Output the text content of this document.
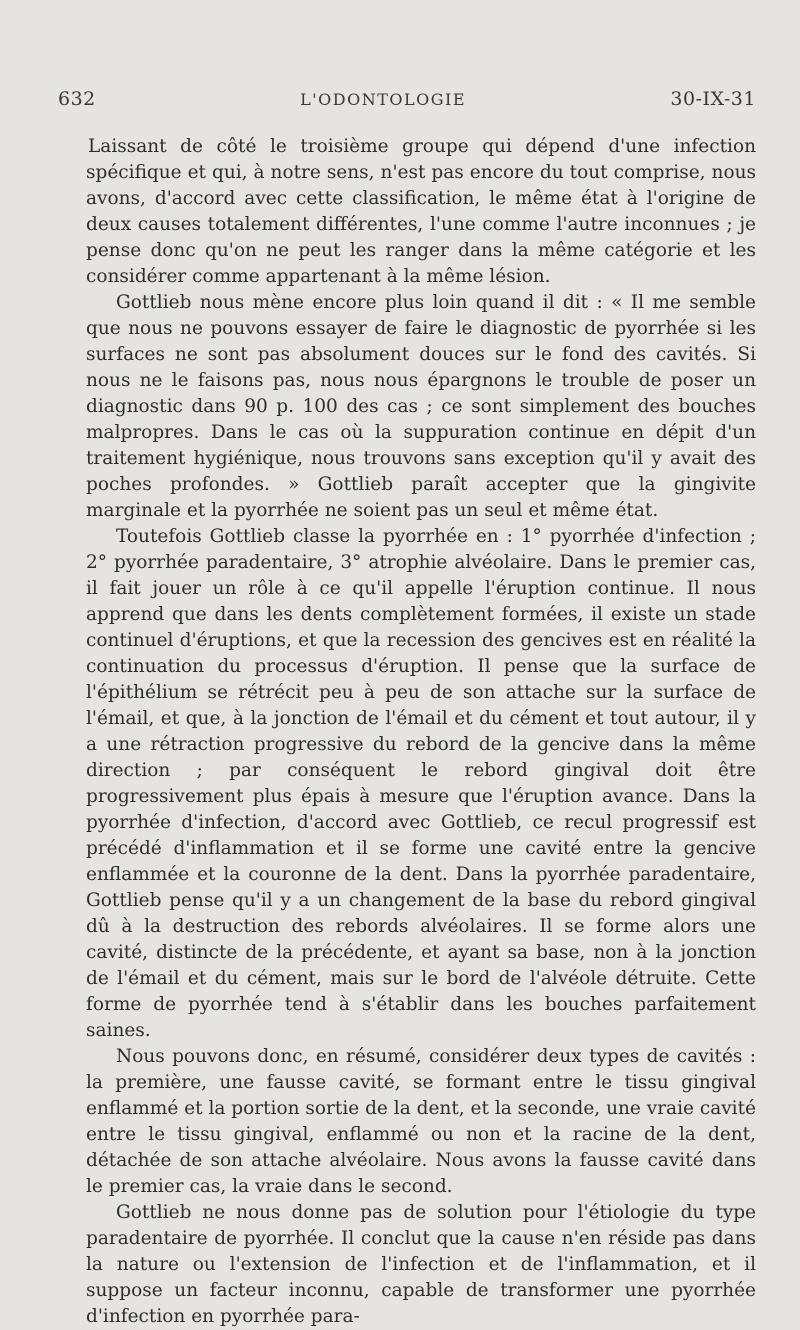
632	L'ODONTOLOGIE	30-IX-31

Laissant de côté le troisième groupe qui dépend d'une infection spécifique et qui, à notre sens, n'est pas encore du tout comprise, nous avons, d'accord avec cette classification, le même état à l'origine de deux causes totalement différentes, l'une comme l'autre inconnues ; je pense donc qu'on ne peut les ranger dans la même catégorie et les considérer comme appartenant à la même lésion.

Gottlieb nous mène encore plus loin quand il dit : « Il me semble que nous ne pouvons essayer de faire le diagnostic de pyorrhée si les surfaces ne sont pas absolument douces sur le fond des cavités. Si nous ne le faisons pas, nous nous épargnons le trouble de poser un diagnostic dans 90 p. 100 des cas ; ce sont simplement des bouches malpropres. Dans le cas où la suppuration continue en dépit d'un traitement hygiénique, nous trouvons sans exception qu'il y avait des poches profondes. » Gottlieb paraît accepter que la gingivite marginale et la pyorrhée ne soient pas un seul et même état.

Toutefois Gottlieb classe la pyorrhée en : 1° pyorrhée d'infection ; 2° pyorrhée paradentaire, 3° atrophie alvéolaire. Dans le premier cas, il fait jouer un rôle à ce qu'il appelle l'éruption continue. Il nous apprend que dans les dents complètement formées, il existe un stade continuel d'éruptions, et que la recession des gencives est en réalité la continuation du processus d'éruption. Il pense que la surface de l'épithélium se rétrécit peu à peu de son attache sur la surface de l'émail, et que, à la jonction de l'émail et du cément et tout autour, il y a une rétraction progressive du rebord de la gencive dans la même direction ; par conséquent le rebord gingival doit être progressivement plus épais à mesure que l'éruption avance. Dans la pyorrhée d'infection, d'accord avec Gottlieb, ce recul progressif est précédé d'inflammation et il se forme une cavité entre la gencive enflammée et la couronne de la dent. Dans la pyorrhée paradentaire, Gottlieb pense qu'il y a un changement de la base du rebord gingival dû à la destruction des rebords alvéolaires. Il se forme alors une cavité, distincte de la précédente, et ayant sa base, non à la jonction de l'émail et du cément, mais sur le bord de l'alvéole détruite. Cette forme de pyorrhée tend à s'établir dans les bouches parfaitement saines.

Nous pouvons donc, en résumé, considérer deux types de cavités : la première, une fausse cavité, se formant entre le tissu gingival enflammé et la portion sortie de la dent, et la seconde, une vraie cavité entre le tissu gingival, enflammé ou non et la racine de la dent, détachée de son attache alvéolaire. Nous avons la fausse cavité dans le premier cas, la vraie dans le second.

Gottlieb ne nous donne pas de solution pour l'étiologie du type paradentaire de pyorrhée. Il conclut que la cause n'en réside pas dans la nature ou l'extension de l'infection et de l'inflammation, et il suppose un facteur inconnu, capable de transformer une pyorrhée d'infection en pyorrhée para-
